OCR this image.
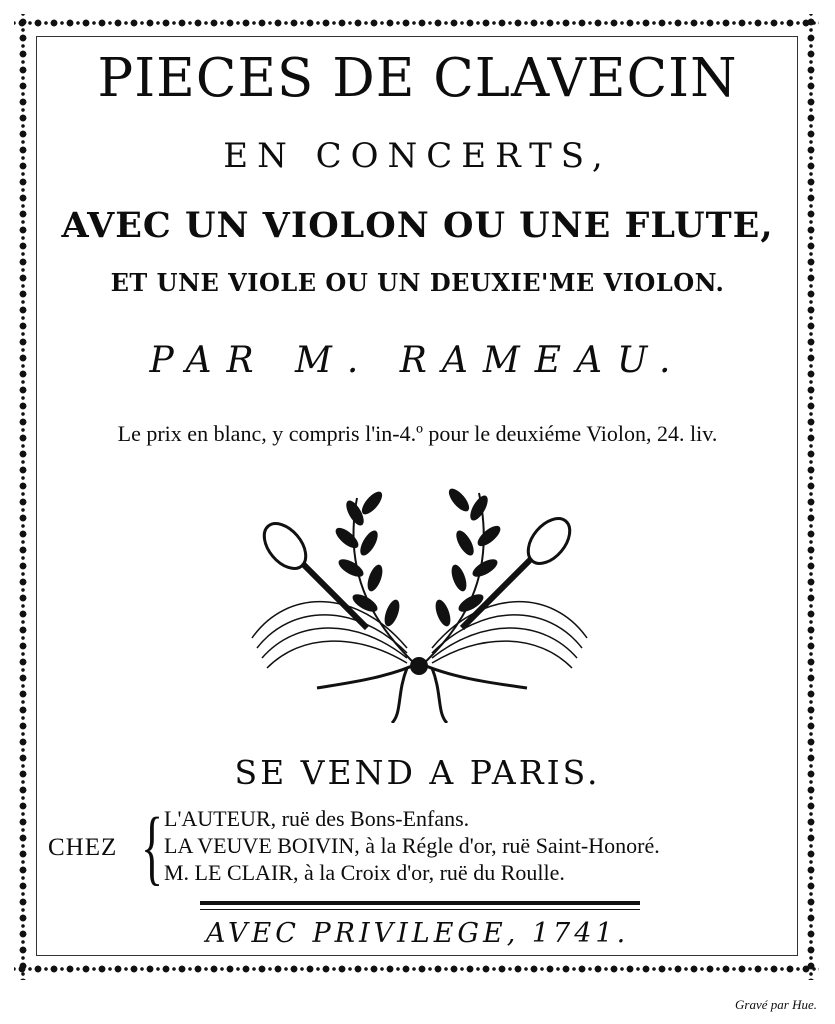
PIECES DE CLAVECIN
EN CONCERTS,
AVEC UN VIOLON OU UNE FLUTE,
ET UNE VIOLE OU UN DEUXIE'ME VIOLON.
PAR M. RAMEAU.
Le prix en blanc, y compris l'in-4.º pour le deuxiéme Violon, 24. liv.
SE VEND A PARIS.
CHEZ { L'AUTEUR, ruë des Bons-Enfans.
LA VEUVE BOIVIN, à la Régle d'or, ruë Saint-Honoré.
M. LE CLAIR, à la Croix d'or, ruë du Roulle.
AVEC PRIVILEGE, 1741.
Gravé par Hue.
